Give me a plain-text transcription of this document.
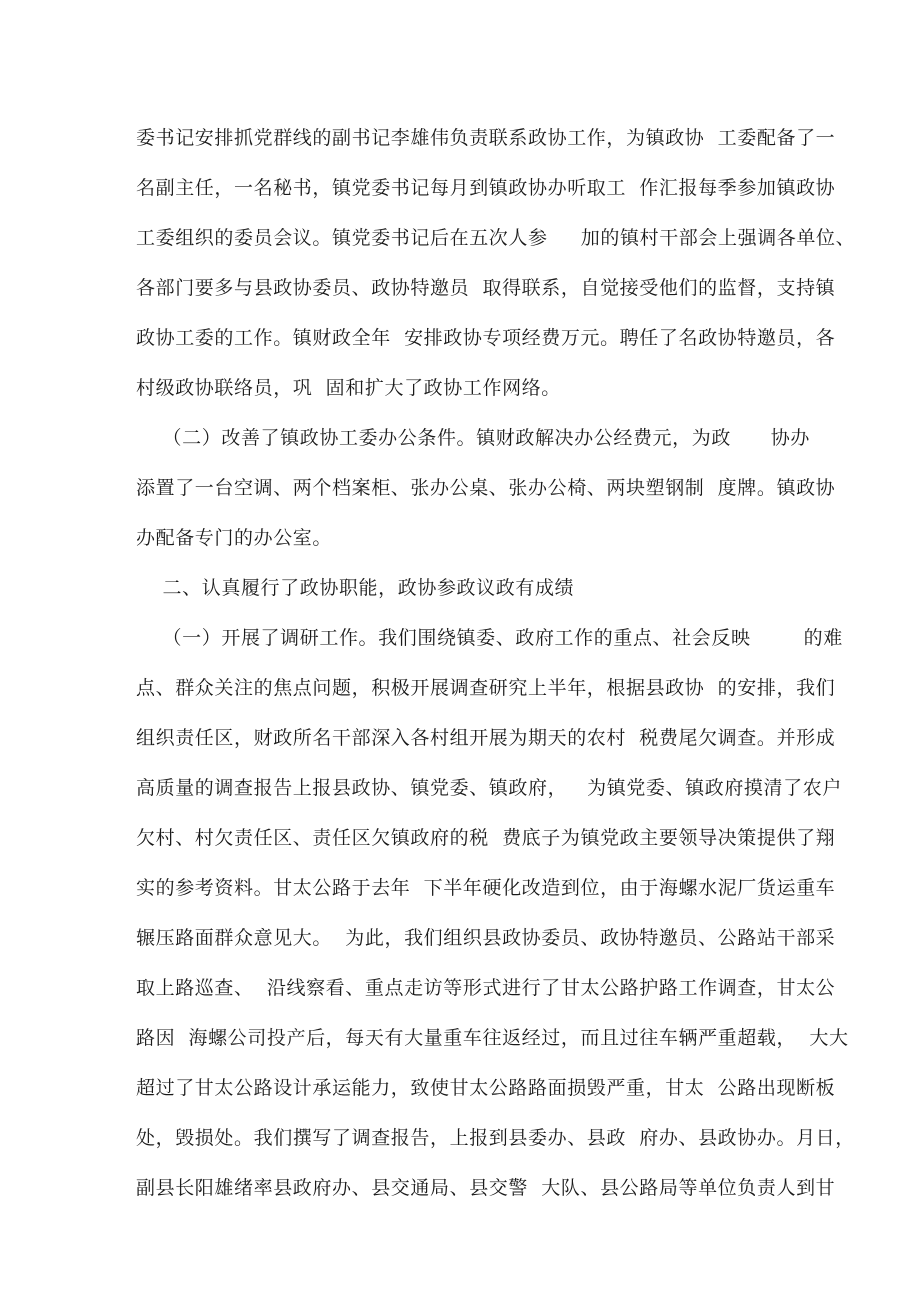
委书记安排抓党群线的副书记李雄伟负责联系政协工作，为镇政协  工委配备了一
名副主任，一名秘书，镇党委书记每月到镇政协办听取工  作汇报每季参加镇政协
工委组织的委员会议。镇党委书记后在五次人参     加的镇村干部会上强调各单位、
各部门要多与县政协委员、政协特邀员  取得联系，自觉接受他们的监督，支持镇
政协工委的工作。镇财政全年  安排政协专项经费万元。聘任了名政协特邀员，各
村级政协联络员，巩  固和扩大了政协工作网络。
（二）改善了镇政协工委办公条件。镇财政解决办公经费元，为政      协办
添置了一台空调、两个档案柜、张办公桌、张办公椅、两块塑钢制  度牌。镇政协
办配备专门的办公室。
二、认真履行了政协职能，政协参政议政有成绩
（一）开展了调研工作。我们围绕镇委、政府工作的重点、社会反映        的难
点、群众关注的焦点问题，积极开展调查研究上半年，根据县政协  的安排，我们
组织责任区，财政所名干部深入各村组开展为期天的农村  税费尾欠调查。并形成
高质量的调查报告上报县政协、镇党委、镇政府，   为镇党委、镇政府摸清了农户
欠村、村欠责任区、责任区欠镇政府的税  费底子为镇党政主要领导决策提供了翔
实的参考资料。甘太公路于去年  下半年硬化改造到位，由于海螺水泥厂货运重车
辗压路面群众意见大。  为此，我们组织县政协委员、政协特邀员、公路站干部采
取上路巡查、  沿线察看、重点走访等形式进行了甘太公路护路工作调查，甘太公
路因  海螺公司投产后，每天有大量重车往返经过，而且过往车辆严重超载，  大大
超过了甘太公路设计承运能力，致使甘太公路路面损毁严重，甘太  公路出现断板
处，毁损处。我们撰写了调查报告，上报到县委办、县政  府办、县政协办。月日，
副县长阳雄绪率县政府办、县交通局、县交警  大队、县公路局等单位负责人到甘
